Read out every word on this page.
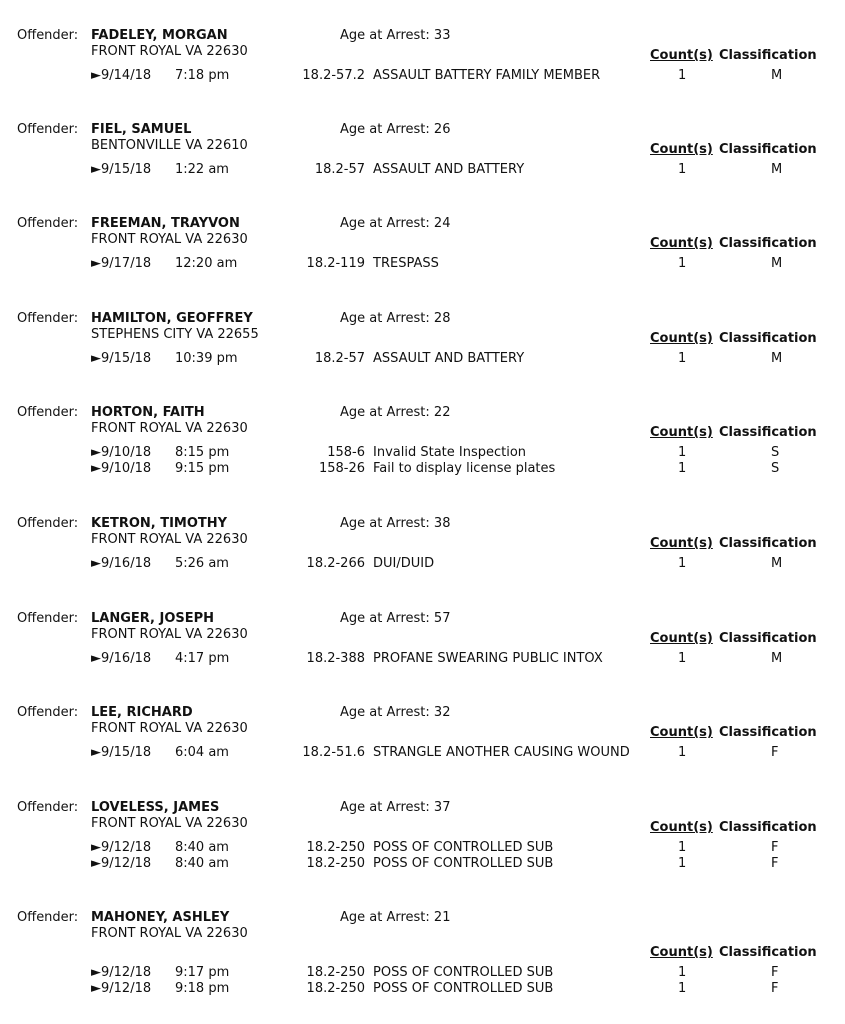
Offender: FADELEY, MORGAN	Age at Arrest: 33
FRONT ROYAL VA 22630	Count(s) Classification
►9/14/18 7:18 pm	18.2-57.2 ASSAULT BATTERY FAMILY MEMBER	1	M
Offender: FIEL, SAMUEL	Age at Arrest: 26
BENTONVILLE VA 22610	Count(s) Classification
►9/15/18 1:22 am	18.2-57 ASSAULT AND BATTERY	1	M
Offender: FREEMAN, TRAYVON	Age at Arrest: 24
FRONT ROYAL VA 22630	Count(s) Classification
►9/17/18 12:20 am	18.2-119 TRESPASS	1	M
Offender: HAMILTON, GEOFFREY	Age at Arrest: 28
STEPHENS CITY VA 22655	Count(s) Classification
►9/15/18 10:39 pm	18.2-57 ASSAULT AND BATTERY	1	M
Offender: HORTON, FAITH	Age at Arrest: 22
FRONT ROYAL VA 22630	Count(s) Classification
►9/10/18 8:15 pm	158-6 Invalid State Inspection	1	S
►9/10/18 9:15 pm	158-26 Fail to display license plates	1	S
Offender: KETRON, TIMOTHY	Age at Arrest: 38
FRONT ROYAL VA 22630	Count(s) Classification
►9/16/18 5:26 am	18.2-266 DUI/DUID	1	M
Offender: LANGER, JOSEPH	Age at Arrest: 57
FRONT ROYAL VA 22630	Count(s) Classification
►9/16/18 4:17 pm	18.2-388 PROFANE SWEARING PUBLIC INTOX	1	M
Offender: LEE, RICHARD	Age at Arrest: 32
FRONT ROYAL VA 22630	Count(s) Classification
►9/15/18 6:04 am	18.2-51.6 STRANGLE ANOTHER CAUSING WOUND	1	F
Offender: LOVELESS, JAMES	Age at Arrest: 37
FRONT ROYAL VA 22630	Count(s) Classification
►9/12/18 8:40 am	18.2-250 POSS OF CONTROLLED SUB	1	F
►9/12/18 8:40 am	18.2-250 POSS OF CONTROLLED SUB	1	F
Offender: MAHONEY, ASHLEY	Age at Arrest: 21
FRONT ROYAL VA 22630
Count(s) Classification
►9/12/18 9:17 pm	18.2-250 POSS OF CONTROLLED SUB	1	F
►9/12/18 9:18 pm	18.2-250 POSS OF CONTROLLED SUB	1	F
